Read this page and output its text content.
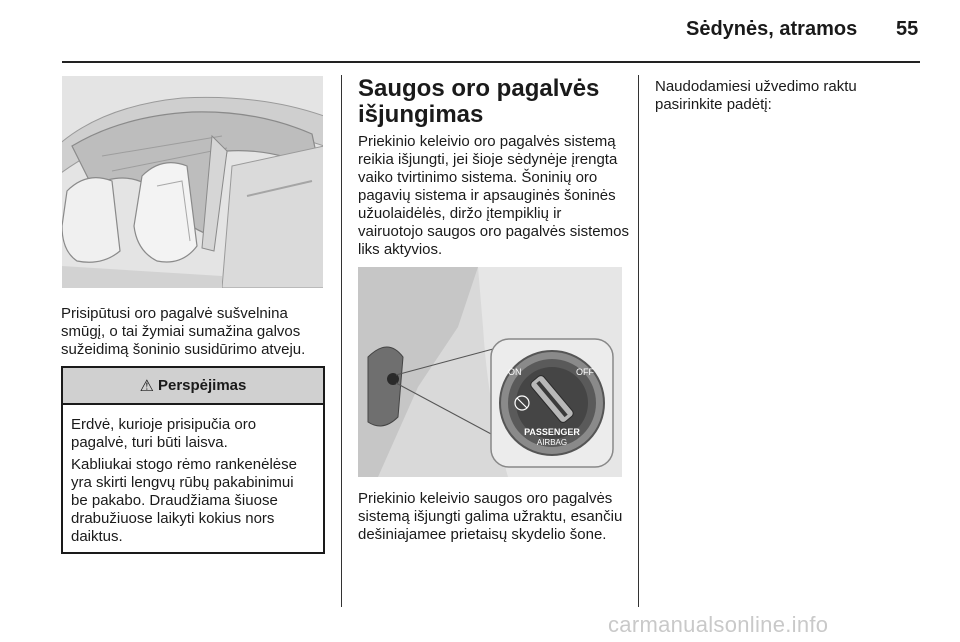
Sėdynės, atramos 55

Prisipūtusi oro pagalvė sušvelnina smūgį, o tai žymiai sumažina galvos sužeidimą šoninio susidūrimo atveju.

⚠ Perspėjimas

Erdvė, kurioje prisipučia oro pagalvė, turi būti laisva.

Kabliukai stogo rėmo rankenėlėse yra skirti lengvų rūbų pakabinimui be pakabo. Draudžiama šiuose drabužiuose laikyti kokius nors daiktus.

Saugos oro pagalvės išjungimas

Priekinio keleivio oro pagalvės sistemą reikia išjungti, jei šioje sėdynėje įrengta vaiko tvirtinimo sistema. Šoninių oro pagavių sistema ir apsauginės šoninės užuolaidėlės, diržo įtempiklių ir vairuotojo saugos oro pagalvės sistemos liks aktyvios.

ON	OFF
PASSENGER
AIRBAG

Priekinio keleivio saugos oro pagalvės sistemą išjungti galima užraktu, esančiu dešiniajamee prietaisų skydelio šone.

Naudodamiesi užvedimo raktu pasirinkite padėtį:

carmanualsonline.info
